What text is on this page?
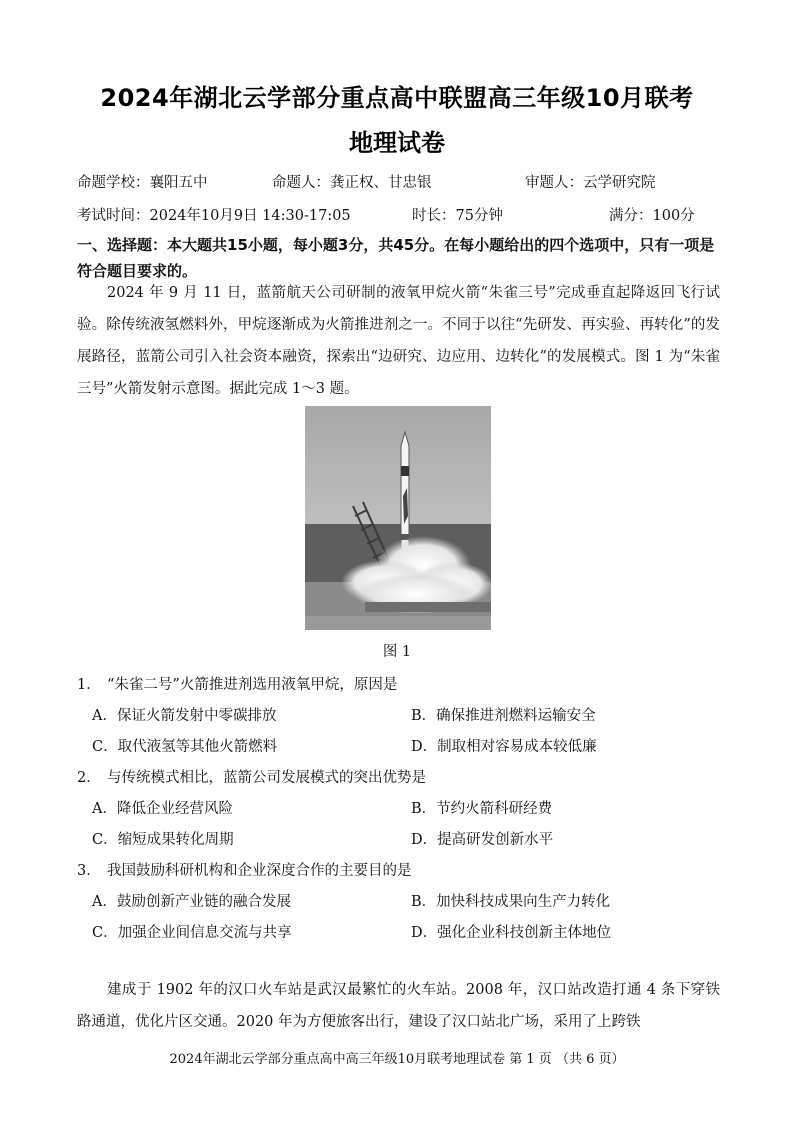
2024年湖北云学部分重点高中联盟高三年级10月联考
地理试卷
命题学校：襄阳五中	命题人：龚正权、甘忠银	审题人：云学研究院
考试时间：2024年10月9日 14:30-17:05	时长：75分钟	满分：100分
一、选择题：本大题共15小题，每小题3分，共45分。在每小题给出的四个选项中，只有一项是符合题目要求的。
2024 年 9 月 11 日，蓝箭航天公司研制的液氧甲烷火箭“朱雀三号”完成垂直起降返回飞行试验。除传统液氢燃料外，甲烷逐渐成为火箭推进剂之一。不同于以往“先研发、再实验、再转化”的发展路径，蓝箭公司引入社会资本融资，探索出“边研究、边应用、边转化”的发展模式。图 1 为“朱雀三号”火箭发射示意图。据此完成 1～3 题。
图 1
1． “朱雀二号”火箭推进剂选用液氧甲烷，原因是
A．保证火箭发射中零碳排放	B．确保推进剂燃料运输安全
C．取代液氢等其他火箭燃料	D．制取相对容易成本较低廉
2． 与传统模式相比，蓝箭公司发展模式的突出优势是
A．降低企业经营风险	B．节约火箭科研经费
C．缩短成果转化周期	D．提高研发创新水平
3． 我国鼓励科研机构和企业深度合作的主要目的是
A．鼓励创新产业链的融合发展	B．加快科技成果向生产力转化
C．加强企业间信息交流与共享	D．强化企业科技创新主体地位
建成于 1902 年的汉口火车站是武汉最繁忙的火车站。2008 年，汉口站改造打通 4 条下穿铁路通道，优化片区交通。2020 年为方便旅客出行，建设了汉口站北广场，采用了上跨铁
2024年湖北云学部分重点高中高三年级10月联考地理试卷 第 1 页 （共 6 页）
